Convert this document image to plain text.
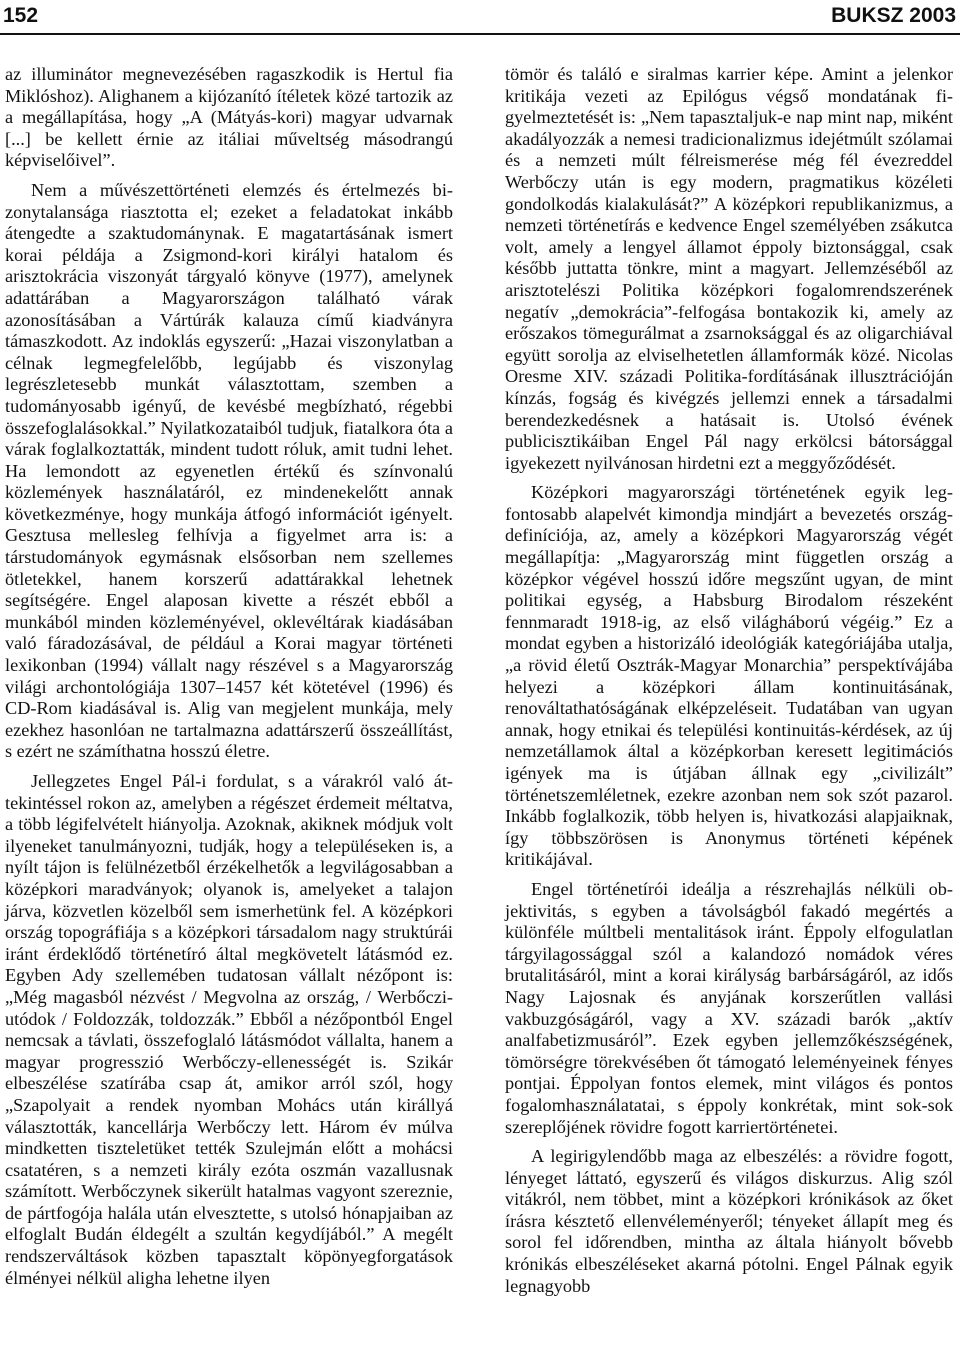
152	BUKSZ 2003

az illuminátor megnevezésében ragaszkodik is Hertul fia Miklóshoz). Alighanem a kijózanító ítéletek közé tartozik az a megállapítása, hogy „A (Mátyás-kori) magyar udvarnak [...] be kellett érnie az itáliai műveltség másodrangú képviselőivel”.

Nem a művészettörténeti elemzés és értelmezés bizonytalansága riasztotta el; ezeket a feladatokat inkább átengedte a szaktudománynak. E magatartásának ismert korai példája a Zsigmond-kori királyi hatalom és arisztokrácia viszonyát tárgyaló könyve (1977), amelynek adattárában a Magyarországon található várak azonosításában a Vártúrák kalauza című kiadványra támaszkodott. Az indoklás egyszerű: „Hazai viszonylatban a célnak legmegfelelőbb, legújabb és viszonylag legrészletesebb munkát választottam, szemben a tudományosabb igényű, de kevésbé megbízható, régebbi összefoglalásokkal.” Nyilatkozataiból tudjuk, fiatalkora óta a várak foglalkoztatták, mindent tudott róluk, amit tudni lehet. Ha lemondott az egyenetlen értékű és színvonalú közlemények használatáról, ez mindenekelőtt annak következménye, hogy munkája átfogó információt igényelt. Gesztusa mellesleg felhívja a figyelmet arra is: a társtudományok egymásnak elsősorban nem szellemes ötletekkel, hanem korszerű adattárakkal lehetnek segítségére. Engel alaposan kivette a részét ebből a munkából minden közleményével, oklevéltárak kiadásában való fáradozásával, de például a Korai magyar történeti lexikonban (1994) vállalt nagy részével s a Magyarország világi archontológiája 1307–1457 két kötetével (1996) és CD-Rom kiadásával is. Alig van megjelent munkája, mely ezekhez hasonlóan ne tartalmazna adattárszerű összeállítást, s ezért ne számíthatna hosszú életre.

Jellegzetes Engel Pál-i fordulat, s a várakról való áttekintéssel rokon az, amelyben a régészet érdemeit méltatva, a több légifelvételt hiányolja. Azoknak, akiknek módjuk volt ilyeneket tanulmányozni, tudják, hogy a településeken is, a nyílt tájon is felülnézetből érzékelhetők a legvilágosabban a középkori maradványok; olyanok is, amelyeket a talajon járva, közvetlen közelből sem ismerhetünk fel. A középkori ország topográfiája s a középkori társadalom nagy struktúrái iránt érdeklődő történetíró által megkövetelt látásmód ez. Egyben Ady szellemében tudatosan vállalt nézőpont is: „Még magasból nézvést / Megvolna az ország, / Werbőczi-utódok / Foldozzák, toldozzák.” Ebből a nézőpontból Engel nemcsak a távlati, összefoglaló látásmódot vállalta, hanem a magyar progresszió Werbőczy-ellenességét is. Szikár elbeszélése szatírába csap át, amikor arról szól, hogy „Szapolyait a rendek nyomban Mohács után királlyá választották, kancellárja Werbőczy lett. Három év múlva mindketten tiszteletüket tették Szulejmán előtt a mohácsi csatatéren, s a nemzeti király ezóta oszmán vazallusnak számított. Werbőczynek sikerült hatalmas vagyont szereznie, de pártfogója halála után elvesztette, s utolsó hónapjaiban az elfoglalt Budán éldegélt a szultán kegydíjából.” A megélt rendszerváltások közben tapasztalt köpönyegforgatások élményei nélkül aligha lehetne ilyen

tömör és találó e siralmas karrier képe. Amint a jelenkor kritikája vezeti az Epilógus végső mondatának figyelmeztetését is: „Nem tapasztaljuk-e nap mint nap, miként akadályozzák a nemesi tradicionalizmus idejétmúlt szólamai és a nemzeti múlt félreismerése még fél évezreddel Werbőczy után is egy modern, pragmatikus közéleti gondolkodás kialakulását?” A középkori republikanizmus, a nemzeti történetírás e kedvence Engel személyében zsákutca volt, amely a lengyel államot éppoly biztonsággal, csak később juttatta tönkre, mint a magyart. Jellemzéséből az arisztotelészi Politika középkori fogalomrendszerének negatív „demokrácia”-felfogása bontakozik ki, amely az erőszakos tömegurálmat a zsarnoksággal és az oligarchiával együtt sorolja az elviselhetetlen államformák közé. Nicolas Oresme XIV. századi Politika-fordításának illusztrációján kínzás, fogság és kivégzés jellemzi ennek a társadalmi berendezkedésnek a hatásait is. Utolsó évének publicisztikáiban Engel Pál nagy erkölcsi bátorsággal igyekezett nyilvánosan hirdetni ezt a meggyőződését.

Középkori magyarországi történetének egyik legfontosabb alapelvét kimondja mindjárt a bevezetés ország-definíciója, az, amely a középkori Magyarország végét megállapítja: „Magyarország mint független ország a középkor végével hosszú időre megszűnt ugyan, de mint politikai egység, a Habsburg Birodalom részeként fennmaradt 1918-ig, az első világháború végéig.” Ez a mondat egyben a historizáló ideológiák kategóriájába utalja, „a rövid életű Osztrák-Magyar Monarchia” perspektívájába helyezi a középkori állam kontinuitásának, renováltathatóságának elképzeléseit. Tudatában van ugyan annak, hogy etnikai és települési kontinuitás-kérdések, az új nemzetállamok által a középkorban keresett legitimációs igények ma is útjában állnak egy „civilizált” történetszemléletnek, ezekre azonban nem sok szót pazarol. Inkább foglalkozik, több helyen is, hivatkozási alapjaiknak, így többszörösen is Anonymus történeti képének kritikájával.

Engel történetírói ideálja a részrehajlás nélküli objektivitás, s egyben a távolságból fakadó megértés a különféle múltbeli mentalitások iránt. Éppoly elfogulatlan tárgyilagossággal szól a kalandozó nomádok véres brutalitásáról, mint a korai királyság barbárságáról, az idős Nagy Lajosnak és anyjának korszerűtlen vallási vakbuzgóságáról, vagy a XV. századi barók „aktív analfabetizmusáról”. Ezek egyben jellemzőkészségének, tömörségre törekvésében őt támogató leleményeinek fényes pontjai. Éppolyan fontos elemek, mint világos és pontos fogalomhasználatatai, s éppoly konkrétak, mint sok-sok szereplőjének rövidre fogott karriertörténetei.

A legirigylendőbb maga az elbeszélés: a rövidre fogott, lényeget láttató, egyszerű és világos diskurzus. Alig szól vitákról, nem többet, mint a középkori krónikások az őket írásra késztető ellenvéleményeről; tényeket állapít meg és sorol fel időrendben, mintha az általa hiányolt bővebb krónikás elbeszéléseket akarná pótolni. Engel Pálnak egyik legnagyobb
